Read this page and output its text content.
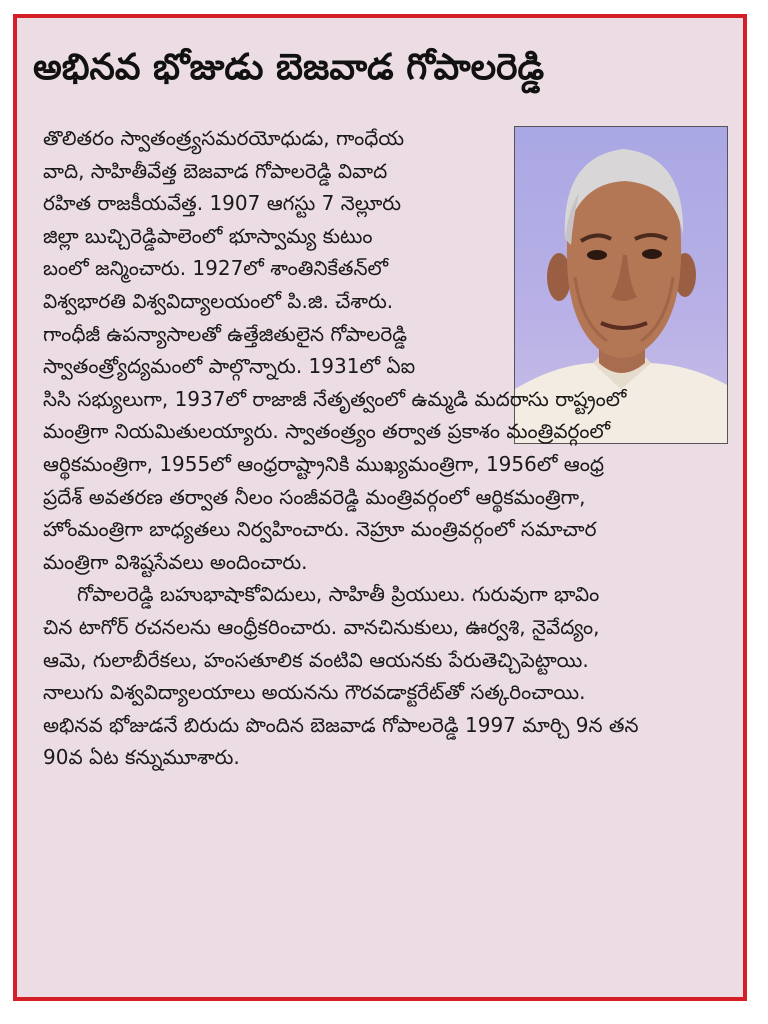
అభినవ భోజుడు బెజవాడ గోపాలరెడ్డి
తొలితరం స్వాతంత్ర్యసమరయోధుడు, గాంధేయ
వాది, సాహితీవేత్త బెజవాడ గోపాలరెడ్డి వివాద
రహిత రాజకీయవేత్త. 1907 ఆగస్టు 7 నెల్లూరు
జిల్లా బుచ్చిరెడ్డిపాలెంలో భూస్వామ్య కుటుం
బంలో జన్మించారు. 1927లో శాంతినికేతన్‌లో
విశ్వభారతి విశ్వవిద్యాలయంలో పి.జి. చేశారు.
గాంధీజీ ఉపన్యాసాలతో ఉత్తేజితులైన గోపాలరెడ్డి
స్వాతంత్ర్యోద్యమంలో పాల్గొన్నారు. 1931లో ఏఐ
సిసి సభ్యులుగా, 1937లో రాజాజీ నేతృత్వంలో ఉమ్మడి మదరాసు రాష్ట్రంలో
మంత్రిగా నియమితులయ్యారు. స్వాతంత్ర్యం తర్వాత ప్రకాశం మంత్రివర్గంలో
ఆర్థికమంత్రిగా, 1955లో ఆంధ్రరాష్ట్రానికి ముఖ్యమంత్రిగా, 1956లో ఆంధ్ర
ప్రదేశ్ అవతరణ తర్వాత నీలం సంజీవరెడ్డి మంత్రివర్గంలో ఆర్థికమంత్రిగా,
హోంమంత్రిగా బాధ్యతలు నిర్వహించారు. నెహ్రూ మంత్రివర్గంలో సమాచార
మంత్రిగా విశిష్టసేవలు అందించారు.
గోపాలరెడ్డి బహుభాషాకోవిదులు, సాహితీ ప్రియులు. గురువుగా భావిం
చిన టాగోర్ రచనలను ఆంధ్రీకరించారు. వానచినుకులు, ఊర్వశి, నైవేద్యం,
ఆమె, గులాబీరేకలు, హంసతూలిక వంటివి ఆయనకు పేరుతెచ్చిపెట్టాయి.
నాలుగు విశ్వవిద్యాలయాలు అయనను గౌరవడాక్టరేట్‌తో సత్కరించాయి.
అభినవ భోజుడనే బిరుదు పొందిన బెజవాడ గోపాలరెడ్డి 1997 మార్చి 9న తన
90వ ఏట కన్నుమూశారు.
